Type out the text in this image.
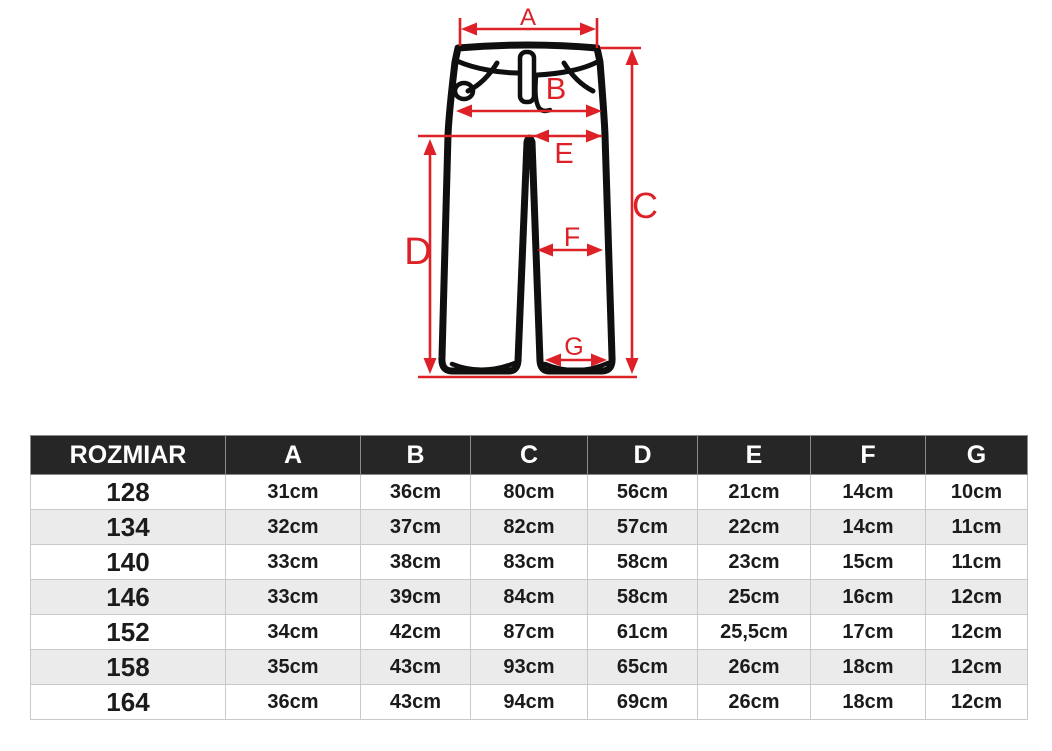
A
B
C
D
E
F
G
ROZMIAR	A	B	C	D	E	F	G
128	31cm	36cm	80cm	56cm	21cm	14cm	10cm
134	32cm	37cm	82cm	57cm	22cm	14cm	11cm
140	33cm	38cm	83cm	58cm	23cm	15cm	11cm
146	33cm	39cm	84cm	58cm	25cm	16cm	12cm
152	34cm	42cm	87cm	61cm	25,5cm	17cm	12cm
158	35cm	43cm	93cm	65cm	26cm	18cm	12cm
164	36cm	43cm	94cm	69cm	26cm	18cm	12cm
